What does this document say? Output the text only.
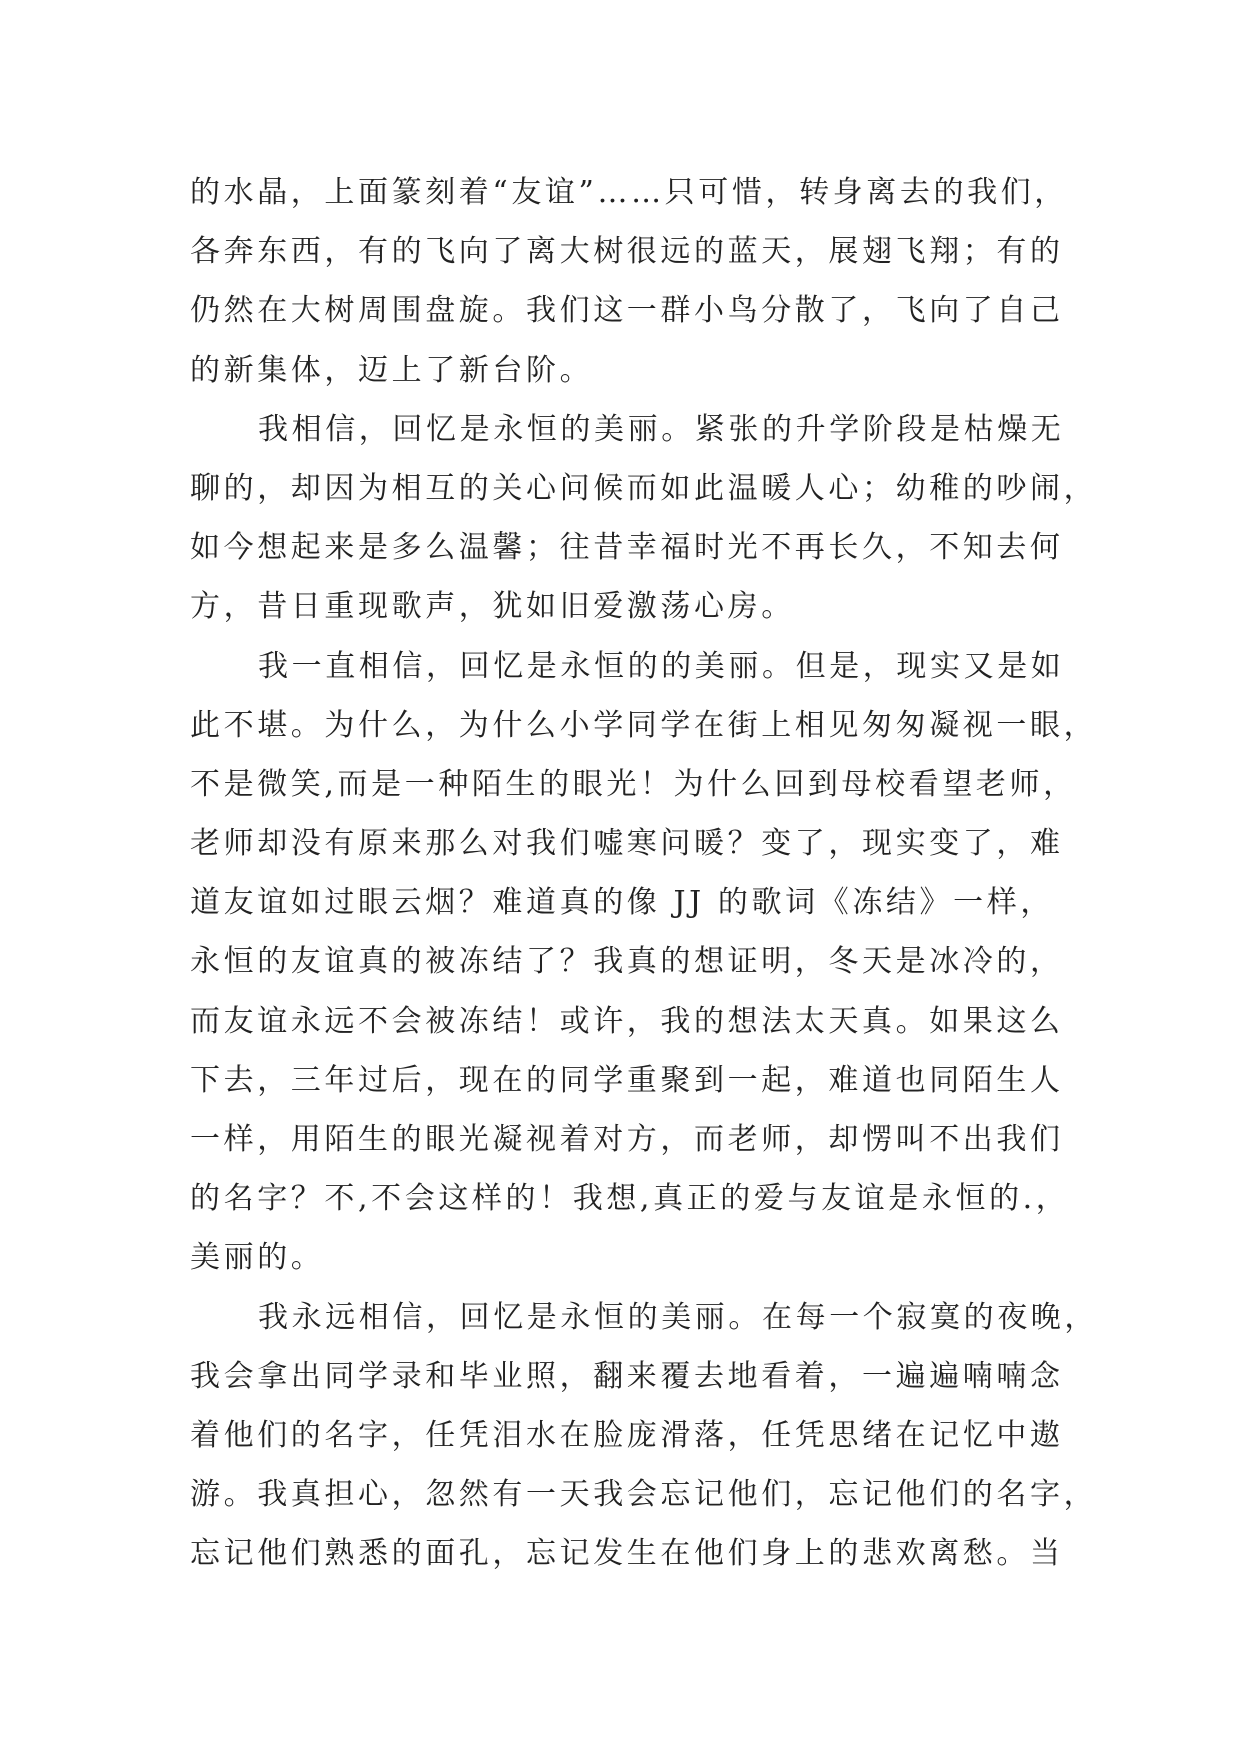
的水晶，上面篆刻着“友谊”……只可惜，转身离去的我们，
各奔东西，有的飞向了离大树很远的蓝天，展翅飞翔；有的
仍然在大树周围盘旋。我们这一群小鸟分散了，飞向了自己
的新集体，迈上了新台阶。
我相信，回忆是永恒的美丽。紧张的升学阶段是枯燥无
聊的，却因为相互的关心问候而如此温暖人心；幼稚的吵闹，
如今想起来是多么温馨；往昔幸福时光不再长久，不知去何
方，昔日重现歌声，犹如旧爱激荡心房。
我一直相信，回忆是永恒的的美丽。但是，现实又是如
此不堪。为什么，为什么小学同学在街上相见匆匆凝视一眼，
不是微笑,而是一种陌生的眼光！为什么回到母校看望老师，
老师却没有原来那么对我们嘘寒问暖？变了，现实变了，难
道友谊如过眼云烟？难道真的像 JJ 的歌词《冻结》一样，
永恒的友谊真的被冻结了？我真的想证明，冬天是冰冷的，
而友谊永远不会被冻结！或许，我的想法太天真。如果这么
下去，三年过后，现在的同学重聚到一起，难道也同陌生人
一样，用陌生的眼光凝视着对方，而老师，却愣叫不出我们
的名字？不,不会这样的！我想,真正的爱与友谊是永恒的.，
美丽的。
我永远相信，回忆是永恒的美丽。在每一个寂寞的夜晚，
我会拿出同学录和毕业照，翻来覆去地看着，一遍遍喃喃念
着他们的名字，任凭泪水在脸庞滑落，任凭思绪在记忆中遨
游。我真担心，忽然有一天我会忘记他们，忘记他们的名字，
忘记他们熟悉的面孔，忘记发生在他们身上的悲欢离愁。当
